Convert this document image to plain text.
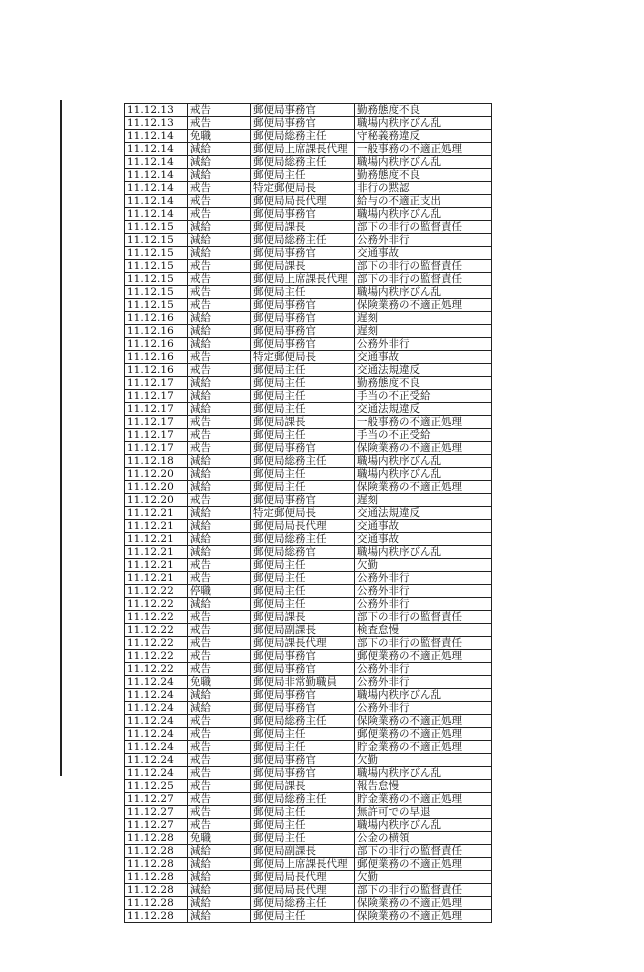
11.12.13	戒告	郵便局事務官	勤務態度不良
11.12.13	戒告	郵便局事務官	職場内秩序びん乱
11.12.14	免職	郵便局総務主任	守秘義務違反
11.12.14	減給	郵便局上席課長代理	一般事務の不適正処理
11.12.14	減給	郵便局総務主任	職場内秩序びん乱
11.12.14	減給	郵便局主任	勤務態度不良
11.12.14	戒告	特定郵便局長	非行の黙認
11.12.14	戒告	郵便局局長代理	給与の不適正支出
11.12.14	戒告	郵便局事務官	職場内秩序びん乱
11.12.15	減給	郵便局課長	部下の非行の監督責任
11.12.15	減給	郵便局総務主任	公務外非行
11.12.15	減給	郵便局事務官	交通事故
11.12.15	戒告	郵便局課長	部下の非行の監督責任
11.12.15	戒告	郵便局上席課長代理	部下の非行の監督責任
11.12.15	戒告	郵便局主任	職場内秩序びん乱
11.12.15	戒告	郵便局事務官	保険業務の不適正処理
11.12.16	減給	郵便局事務官	遅刻
11.12.16	減給	郵便局事務官	遅刻
11.12.16	減給	郵便局事務官	公務外非行
11.12.16	戒告	特定郵便局長	交通事故
11.12.16	戒告	郵便局主任	交通法規違反
11.12.17	減給	郵便局主任	勤務態度不良
11.12.17	減給	郵便局主任	手当の不正受給
11.12.17	減給	郵便局主任	交通法規違反
11.12.17	戒告	郵便局課長	一般事務の不適正処理
11.12.17	戒告	郵便局主任	手当の不正受給
11.12.17	戒告	郵便局事務官	保険業務の不適正処理
11.12.18	減給	郵便局総務主任	職場内秩序びん乱
11.12.20	減給	郵便局主任	職場内秩序びん乱
11.12.20	減給	郵便局主任	保険業務の不適正処理
11.12.20	戒告	郵便局事務官	遅刻
11.12.21	減給	特定郵便局長	交通法規違反
11.12.21	減給	郵便局局長代理	交通事故
11.12.21	減給	郵便局総務主任	交通事故
11.12.21	減給	郵便局総務官	職場内秩序びん乱
11.12.21	戒告	郵便局主任	欠勤
11.12.21	戒告	郵便局主任	公務外非行
11.12.22	停職	郵便局主任	公務外非行
11.12.22	減給	郵便局主任	公務外非行
11.12.22	戒告	郵便局課長	部下の非行の監督責任
11.12.22	戒告	郵便局副課長	検査怠慢
11.12.22	戒告	郵便局課長代理	部下の非行の監督責任
11.12.22	戒告	郵便局事務官	郵便業務の不適正処理
11.12.22	戒告	郵便局事務官	公務外非行
11.12.24	免職	郵便局非常勤職員	公務外非行
11.12.24	減給	郵便局事務官	職場内秩序びん乱
11.12.24	減給	郵便局事務官	公務外非行
11.12.24	戒告	郵便局総務主任	保険業務の不適正処理
11.12.24	戒告	郵便局主任	郵便業務の不適正処理
11.12.24	戒告	郵便局主任	貯金業務の不適正処理
11.12.24	戒告	郵便局事務官	欠勤
11.12.24	戒告	郵便局事務官	職場内秩序びん乱
11.12.25	戒告	郵便局課長	報告怠慢
11.12.27	戒告	郵便局総務主任	貯金業務の不適正処理
11.12.27	戒告	郵便局主任	無許可での早退
11.12.27	戒告	郵便局主任	職場内秩序びん乱
11.12.28	免職	郵便局主任	公金の横領
11.12.28	減給	郵便局副課長	部下の非行の監督責任
11.12.28	減給	郵便局上席課長代理	郵便業務の不適正処理
11.12.28	減給	郵便局局長代理	欠勤
11.12.28	減給	郵便局局長代理	部下の非行の監督責任
11.12.28	減給	郵便局総務主任	保険業務の不適正処理
11.12.28	減給	郵便局主任	保険業務の不適正処理
